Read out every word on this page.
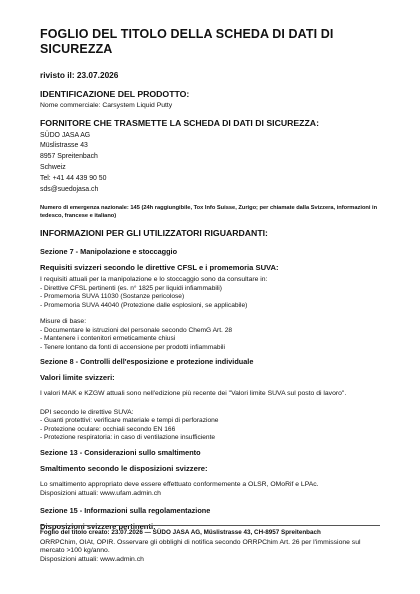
FOGLIO DEL TITOLO DELLA SCHEDA DI DATI DI SICUREZZA
rivisto il: 23.07.2026
IDENTIFICAZIONE DEL PRODOTTO:

Nome commerciale: Carsystem Liquid Putty

FORNITORE CHE TRASMETTE LA SCHEDA DI DATI DI SICUREZZA:

SÜDO JASA AG

Müslistrasse 43

8957 Spreitenbach

Schweiz

Tel: +41 44 439 90 50

sds@suedojasa.ch

Numero di emergenza nazionale: 145 (24h raggiungibile, Tox Info Suisse, Zurigo; per chiamate dalla Svizzera, informazioni in tedesco, francese e italiano)

INFORMAZIONI PER GLI UTILIZZATORI RIGUARDANTI:
Sezione 7 - Manipolazione e stoccaggio
Requisiti svizzeri secondo le direttive CFSL e i promemoria SUVA:

I requisiti attuali per la manipolazione e lo stoccaggio sono da consultare in:

- Direttive CFSL pertinenti (es. n° 1825 per liquidi infiammabili)
- Promemoria SUVA 11030 (Sostanze pericolose)
- Promemoria SUVA 44040 (Protezione dalle esplosioni, se applicabile)

Misure di base:

- Documentare le istruzioni del personale secondo ChemG Art. 28
- Mantenere i contenitori ermeticamente chiusi
- Tenere lontano da fonti di accensione per prodotti infiammabili
Sezione 8 - Controlli dell'esposizione e protezione individuale
Valori limite svizzeri:

I valori MAK e KZGW attuali sono nell'edizione più recente dei "Valori limite SUVA sul posto di lavoro".

DPI secondo le direttive SUVA:

- Guanti protettivi: verificare materiale e tempi di perforazione
- Protezione oculare: occhiali secondo EN 166
- Protezione respiratoria: in caso di ventilazione insufficiente
Sezione 13 - Considerazioni sullo smaltimento
Smaltimento secondo le disposizioni svizzere:

Lo smaltimento appropriato deve essere effettuato conformemente a OLSR, OMoRif e LPAc.

Disposizioni attuali: www.ufam.admin.ch

Sezione 15 - Informazioni sulla regolamentazione
Disposizioni svizzere pertinenti:

ORRPChim, OIAt, OPIR. Osservare gli obblighi di notifica secondo ORRPChim Art. 26 per l'immissione sul mercato >100 kg/anno.

Disposizioni attuali: www.admin.ch

Foglio del titolo creato: 23.07.2026 — SÜDO JASA AG, Müslistrasse 43, CH-8957 Spreitenbach
